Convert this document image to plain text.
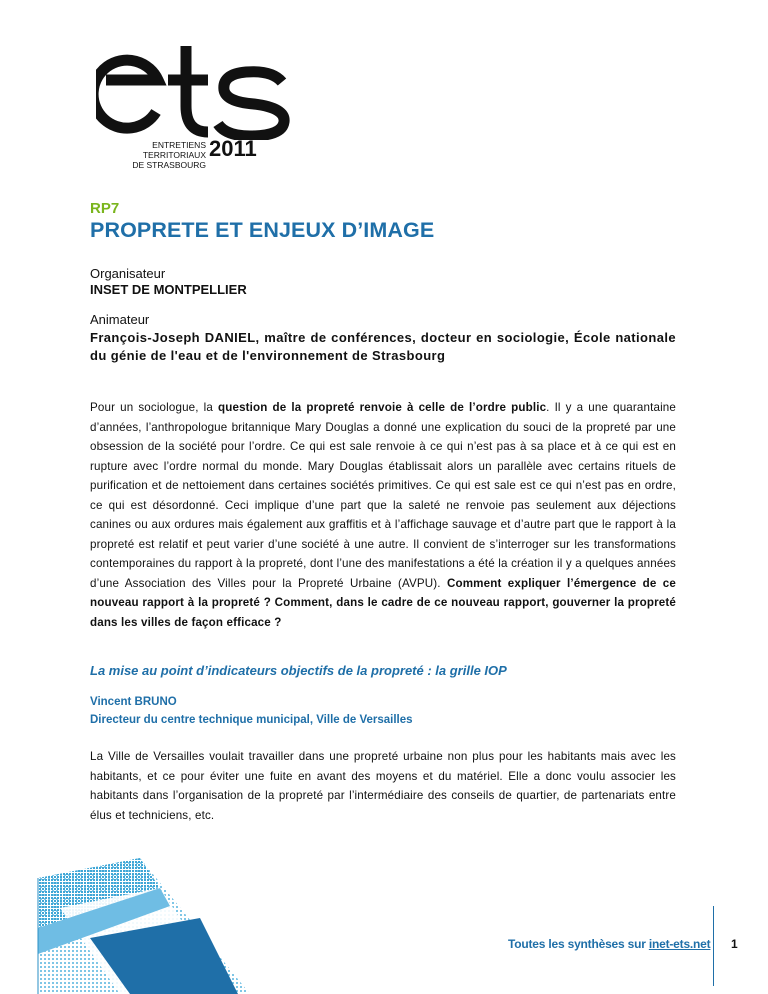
ENTRETIENS TERRITORIAUX
DE STRASBOURG
2011
RP7
PROPRETE ET ENJEUX D’IMAGE
Organisateur
INSET DE MONTPELLIER
Animateur
François-Joseph DANIEL, maître de conférences, docteur en sociologie, École nationale du génie de l'eau et de l'environnement de Strasbourg
Pour un sociologue, la question de la propreté renvoie à celle de l’ordre public. Il y a une quarantaine d’années, l’anthropologue britannique Mary Douglas a donné une explication du souci de la propreté par une obsession de la société pour l’ordre. Ce qui est sale renvoie à ce qui n’est pas à sa place et à ce qui est en rupture avec l’ordre normal du monde. Mary Douglas établissait alors un parallèle avec certains rituels de purification et de nettoiement dans certaines sociétés primitives. Ce qui est sale est ce qui n’est pas en ordre, ce qui est désordonné. Ceci implique d’une part que la saleté ne renvoie pas seulement aux déjections canines ou aux ordures mais également aux graffitis et à l’affichage sauvage et d’autre part que le rapport à la propreté est relatif et peut varier d’une société à une autre. Il convient de s’interroger sur les transformations contemporaines du rapport à la propreté, dont l’une des manifestations a été la création il y a quelques années d’une Association des Villes pour la Propreté Urbaine (AVPU). Comment expliquer l’émergence de ce nouveau rapport à la propreté ? Comment, dans le cadre de ce nouveau rapport, gouverner la propreté dans les villes de façon efficace ?
La mise au point d’indicateurs objectifs de la propreté : la grille IOP
Vincent BRUNO
Directeur du centre technique municipal, Ville de Versailles
La Ville de Versailles voulait travailler dans une propreté urbaine non plus pour les habitants mais avec les habitants, et ce pour éviter une fuite en avant des moyens et du matériel. Elle a donc voulu associer les habitants dans l’organisation de la propreté par l’intermédiaire des conseils de quartier, de partenariats entre élus et techniciens, etc.
Toutes les synthèses sur inet-ets.net 1
